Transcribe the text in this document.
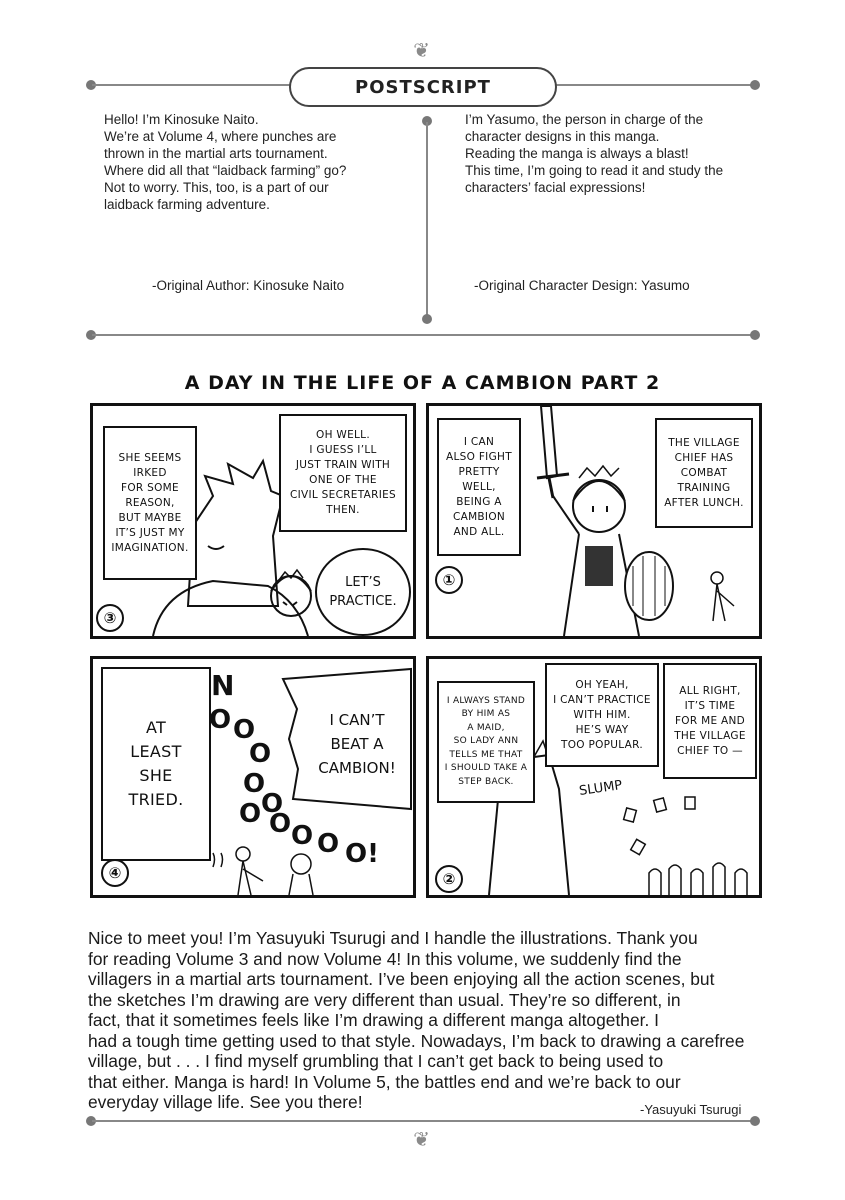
❦
POSTSCRIPT
Hello! I’m Kinosuke Naito.
We’re at Volume 4, where punches are
thrown in the martial arts tournament.
Where did all that “laidback farming” go?
Not to worry. This, too, is a part of our
laidback farming adventure.
-Original Author: Kinosuke Naito
I’m Yasumo, the person in charge of the
character designs in this manga.
Reading the manga is always a blast!
This time, I’m going to read it and study the
characters’ facial expressions!
-Original Character Design: Yasumo
A DAY IN THE LIFE OF A CAMBION PART 2
SHE SEEMS
IRKED
FOR SOME
REASON,
BUT MAYBE
IT’S JUST MY
IMAGINATION.
OH WELL.
I GUESS I’LL
JUST TRAIN WITH
ONE OF THE
CIVIL SECRETARIES
THEN.
LET’S
PRACTICE.
③
I CAN
ALSO FIGHT
PRETTY
WELL,
BEING A
CAMBION
AND ALL.
THE VILLAGE
CHIEF HAS
COMBAT
TRAINING
AFTER LUNCH.
①
AT
LEAST
SHE
TRIED.
I CAN’T
BEAT A
CAMBION!
N
O O
O
O
O
O O O O O!
④
I ALWAYS STAND
BY HIM AS
A MAID,
SO LADY ANN
TELLS ME THAT
I SHOULD TAKE A
STEP BACK.
OH YEAH,
I CAN’T PRACTICE
WITH HIM.
HE’S WAY
TOO POPULAR.
ALL RIGHT,
IT’S TIME
FOR ME AND
THE VILLAGE
CHIEF TO —
SLUMP
②
Nice to meet you! I’m Yasuyuki Tsurugi and I handle the illustrations. Thank you
for reading Volume 3 and now Volume 4! In this volume, we suddenly find the
villagers in a martial arts tournament. I’ve been enjoying all the action scenes, but
the sketches I’m drawing are very different than usual. They’re so different, in
fact, that it sometimes feels like I’m drawing a different manga altogether. I
had a tough time getting used to that style. Nowadays, I’m back to drawing a carefree
village, but . . . I find myself grumbling that I can’t get back to being used to
that either. Manga is hard! In Volume 5, the battles end and we’re back to our
everyday village life. See you there!	-Yasuyuki Tsurugi
❦
